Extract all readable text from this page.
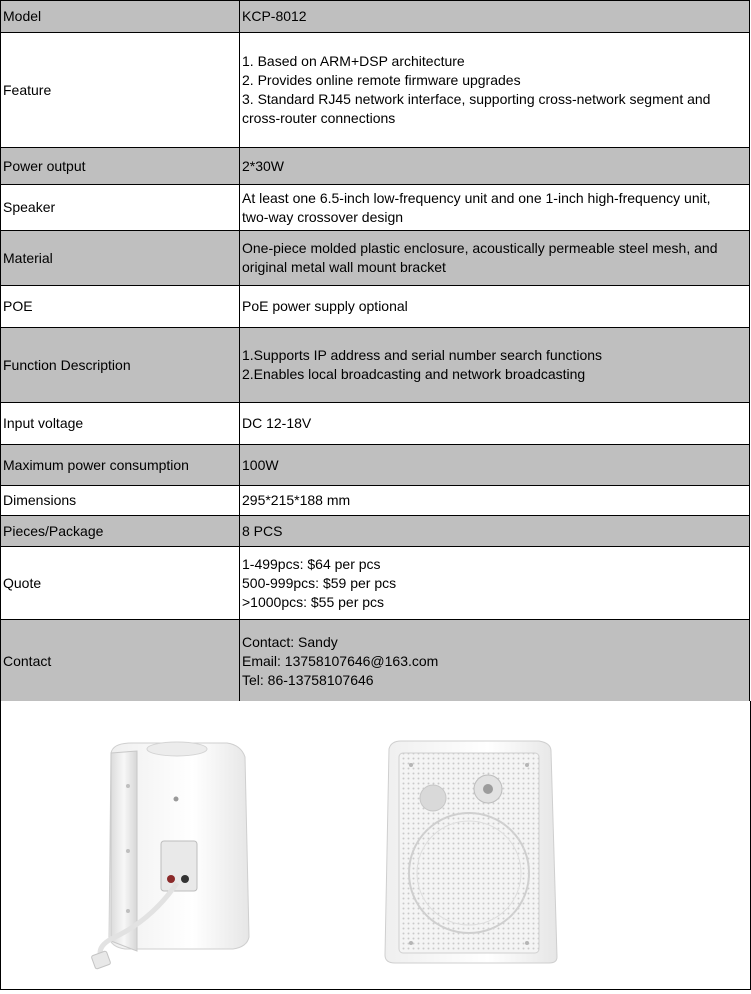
Model	KCP-8012

Feature	1. Based on ARM+DSP architecture
2. Provides online remote firmware upgrades
3. Standard RJ45 network interface, supporting cross-network segment and
cross-router connections

Power output	2*30W

Speaker	At least one 6.5-inch low-frequency unit and one 1-inch high-frequency unit,
two-way crossover design

Material	One-piece molded plastic enclosure, acoustically permeable steel mesh, and
original metal wall mount bracket

POE	PoE power supply optional

Function Description	1.Supports IP address and serial number search functions
2.Enables local broadcasting and network broadcasting

Input voltage	DC 12-18V

Maximum power consumption	100W

Dimensions	295*215*188 mm

Pieces/Package	8 PCS

Quote	1-499pcs: $64 per pcs
500-999pcs: $59 per pcs
>1000pcs: $55 per pcs

Contact	Contact: Sandy
Email: 13758107646@163.com
Tel: 86-13758107646
